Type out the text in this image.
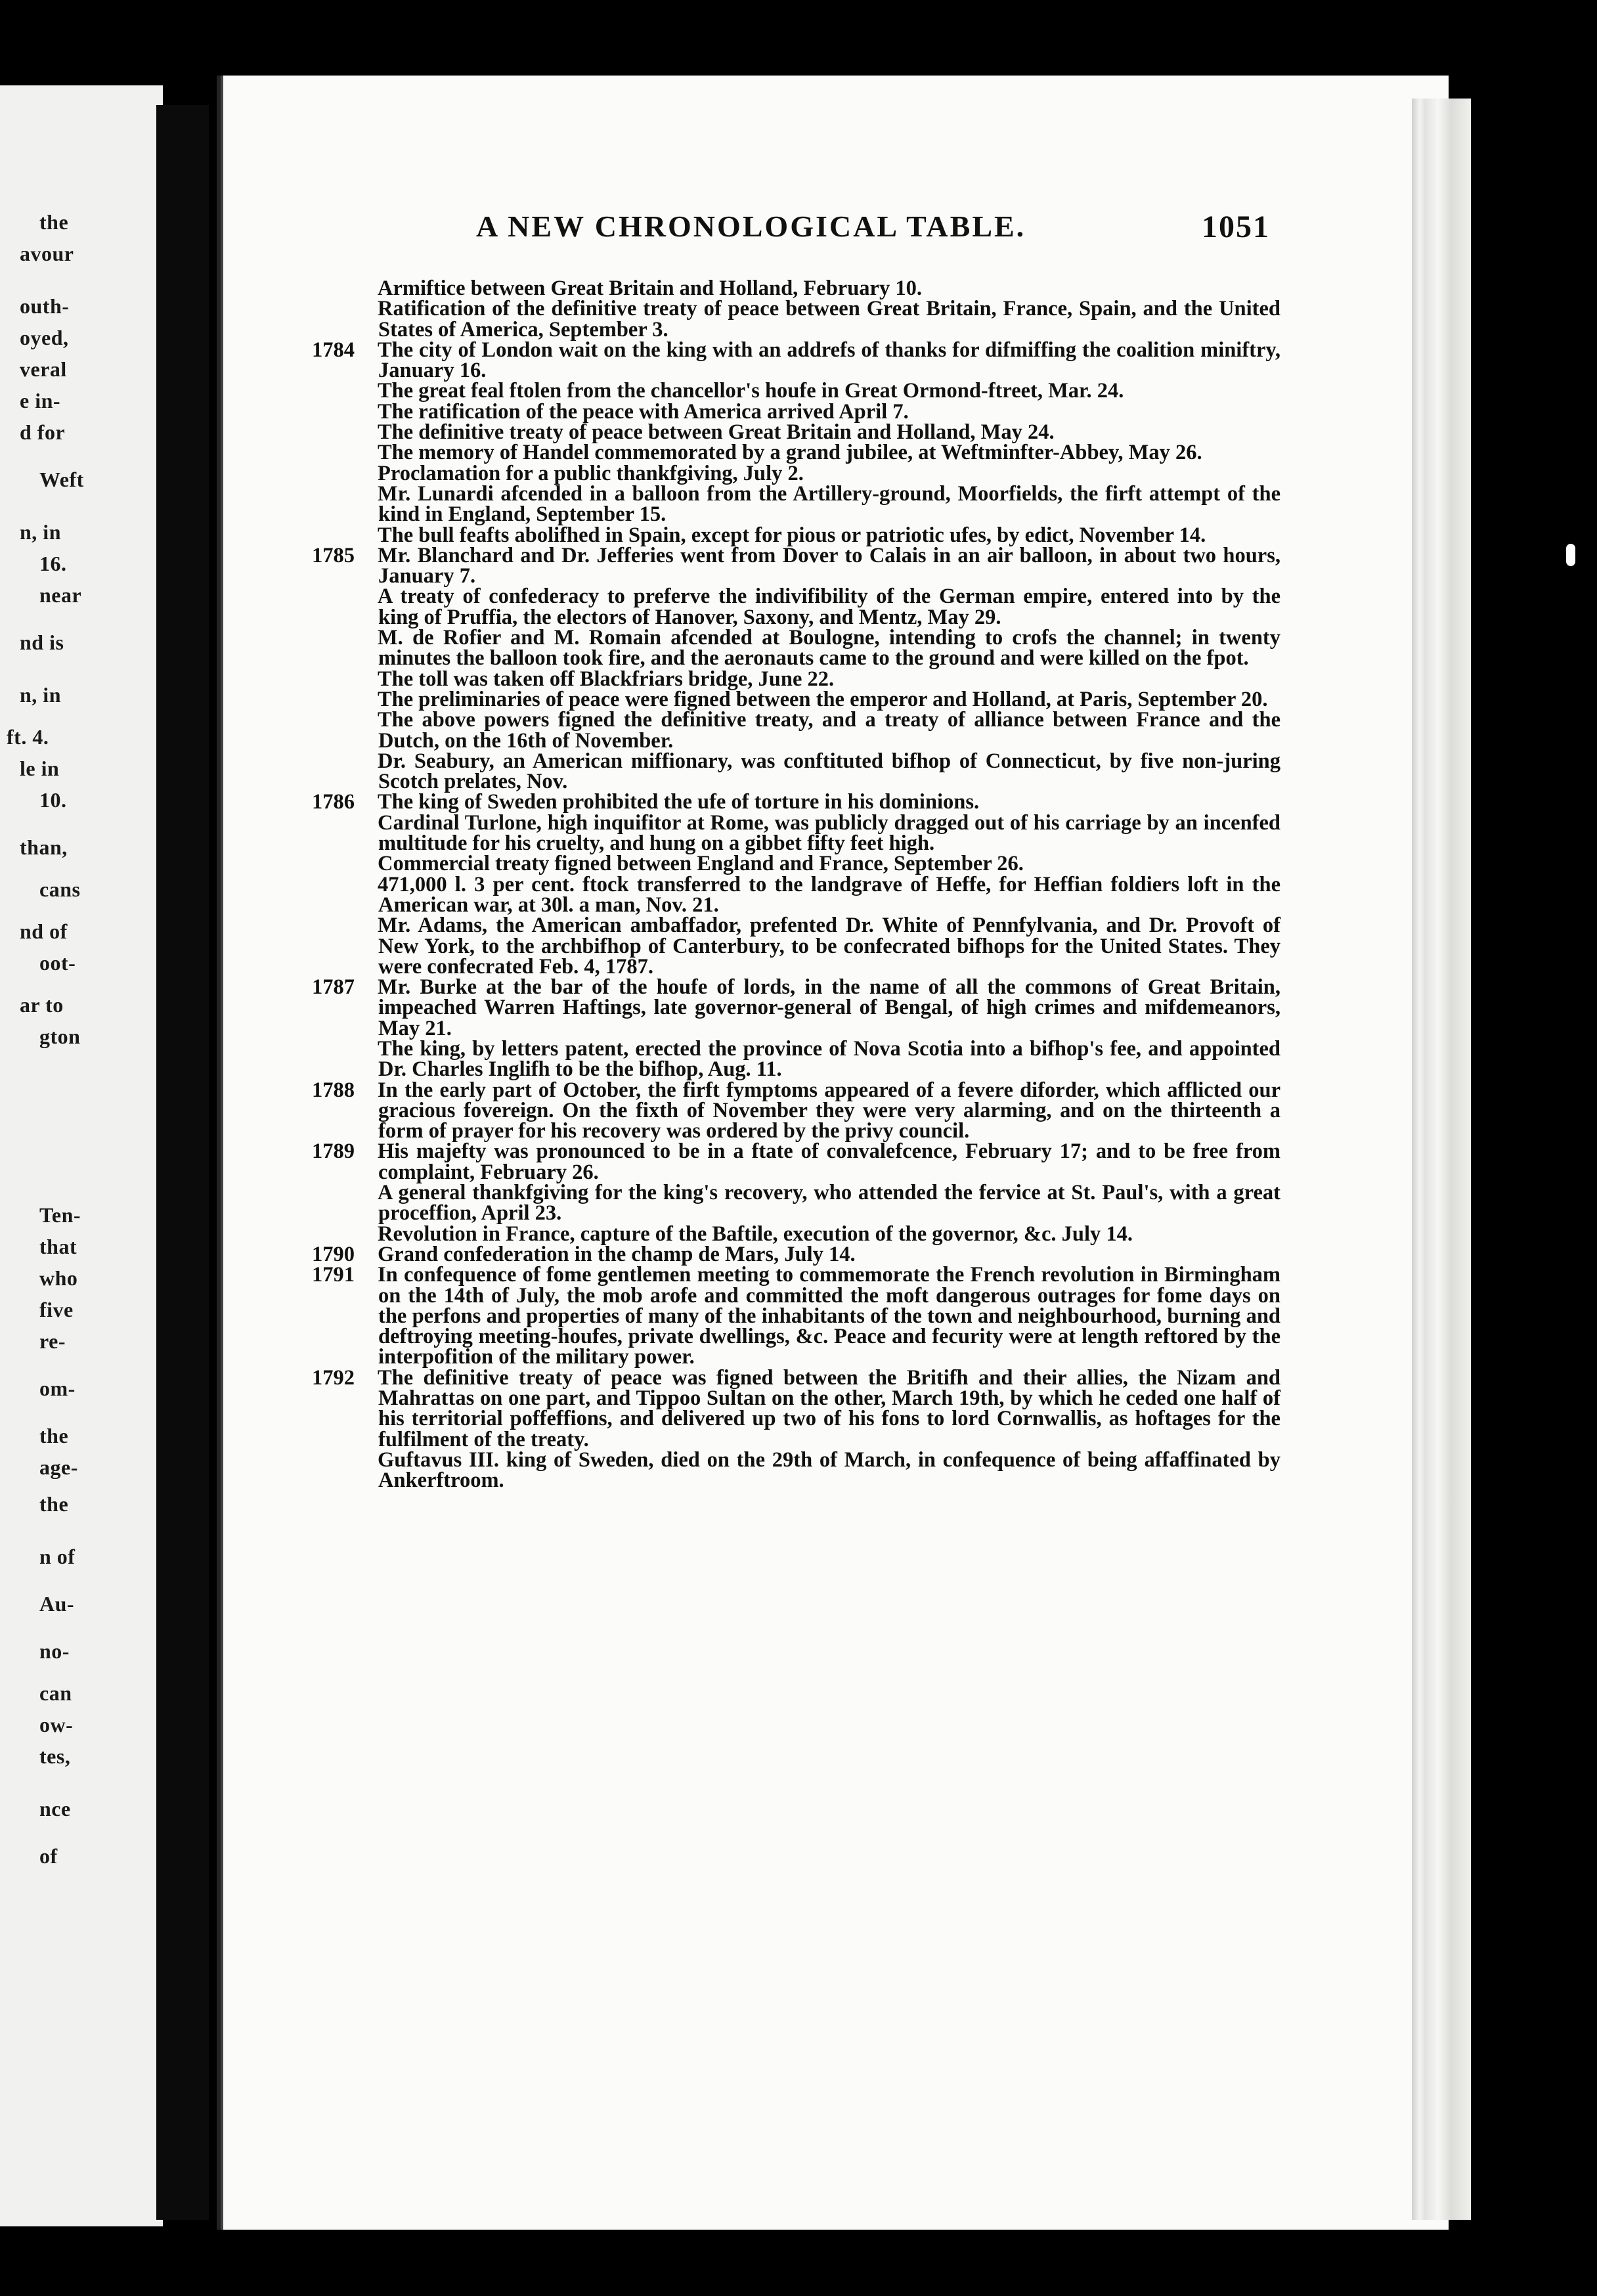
the
avour
outh-
oyed,
veral
e in-
d for
Weft
n, in
16.
near
nd is
n, in
ft. 4.
le in
10.
than,
cans
nd of
oot-
ar to
gton
Ten-
that
who
five
re-
om-
the
age-
the
n of
Au-
no-
can
ow-
tes,
nce
of
A NEW CHRONOLOGICAL TABLE.	1051
Armiftice between Great Britain and Holland, February 10.
Ratification of the definitive treaty of peace between Great Britain, France, Spain, and the United States of America, September 3.
1784	The city of London wait on the king with an addrefs of thanks for difmiffing the coalition miniftry, January 16.
The great feal ftolen from the chancellor's houfe in Great Ormond-ftreet, Mar. 24.
The ratification of the peace with America arrived April 7.
The definitive treaty of peace between Great Britain and Holland, May 24.
The memory of Handel commemorated by a grand jubilee, at Weftminfter-Abbey, May 26.
Proclamation for a public thankfgiving, July 2.
Mr. Lunardi afcended in a balloon from the Artillery-ground, Moorfields, the firft attempt of the kind in England, September 15.
The bull feafts abolifhed in Spain, except for pious or patriotic ufes, by edict, November 14.
1785	Mr. Blanchard and Dr. Jefferies went from Dover to Calais in an air balloon, in about two hours, January 7.
A treaty of confederacy to preferve the indivifibility of the German empire, entered into by the king of Pruffia, the electors of Hanover, Saxony, and Mentz, May 29.
M. de Rofier and M. Romain afcended at Boulogne, intending to crofs the channel; in twenty minutes the balloon took fire, and the aeronauts came to the ground and were killed on the fpot.
The toll was taken off Blackfriars bridge, June 22.
The preliminaries of peace were figned between the emperor and Holland, at Paris, September 20.
The above powers figned the definitive treaty, and a treaty of alliance between France and the Dutch, on the 16th of November.
Dr. Seabury, an American miffionary, was conftituted bifhop of Connecticut, by five non-juring Scotch prelates, Nov.
1786	The king of Sweden prohibited the ufe of torture in his dominions.
Cardinal Turlone, high inquifitor at Rome, was publicly dragged out of his carriage by an incenfed multitude for his cruelty, and hung on a gibbet fifty feet high.
Commercial treaty figned between England and France, September 26.
471,000 l. 3 per cent. ftock transferred to the landgrave of Heffe, for Heffian foldiers loft in the American war, at 30l. a man, Nov. 21.
Mr. Adams, the American ambaffador, prefented Dr. White of Pennfylvania, and Dr. Provoft of New York, to the archbifhop of Canterbury, to be confecrated bifhops for the United States. They were confecrated Feb. 4, 1787.
1787	Mr. Burke at the bar of the houfe of lords, in the name of all the commons of Great Britain, impeached Warren Haftings, late governor-general of Bengal, of high crimes and mifdemeanors, May 21.
The king, by letters patent, erected the province of Nova Scotia into a bifhop's fee, and appointed Dr. Charles Inglifh to be the bifhop, Aug. 11.
1788	In the early part of October, the firft fymptoms appeared of a fevere diforder, which afflicted our gracious fovereign. On the fixth of November they were very alarming, and on the thirteenth a form of prayer for his recovery was ordered by the privy council.
1789	His majefty was pronounced to be in a ftate of convalefcence, February 17; and to be free from complaint, February 26.
A general thankfgiving for the king's recovery, who attended the fervice at St. Paul's, with a great proceffion, April 23.
Revolution in France, capture of the Baftile, execution of the governor, &c. July 14.
1790	Grand confederation in the champ de Mars, July 14.
1791	In confequence of fome gentlemen meeting to commemorate the French revolution in Birmingham on the 14th of July, the mob arofe and committed the moft dangerous outrages for fome days on the perfons and properties of many of the inhabitants of the town and neighbourhood, burning and deftroying meeting-houfes, private dwellings, &c. Peace and fecurity were at length reftored by the interpofition of the military power.
1792	The definitive treaty of peace was figned between the Britifh and their allies, the Nizam and Mahrattas on one part, and Tippoo Sultan on the other, March 19th, by which he ceded one half of his territorial poffeffions, and delivered up two of his fons to lord Cornwallis, as hoftages for the fulfilment of the treaty.
Guftavus III. king of Sweden, died on the 29th of March, in confequence of being affaffinated by Ankerftroom.
